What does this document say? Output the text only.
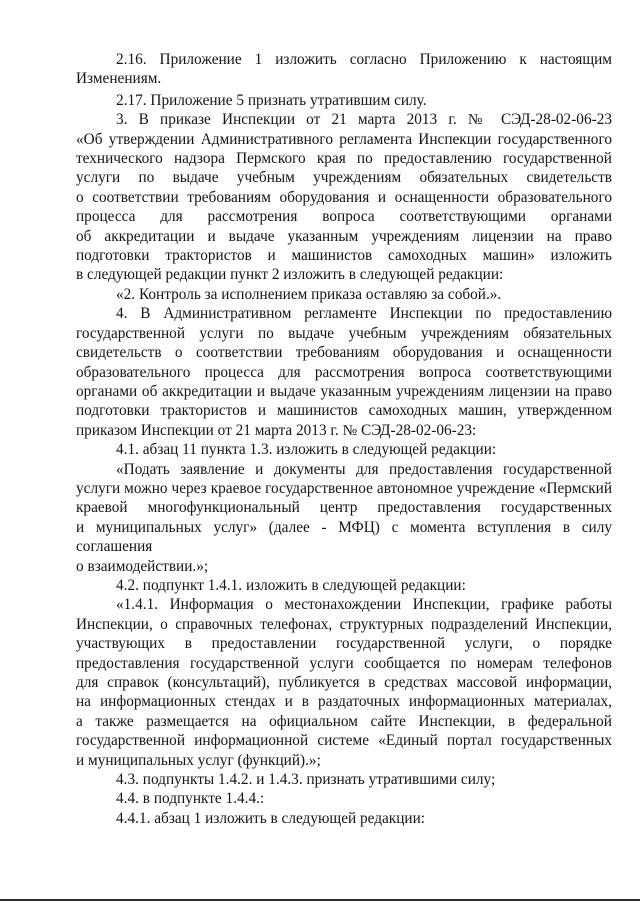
2.16. Приложение 1 изложить согласно Приложению к настоящим

Изменениям.

2.17. Приложение 5 признать утратившим силу.

3. В приказе Инспекции от 21 марта 2013 г. № СЭД-28-02-06-23

«Об утверждении Административного регламента Инспекции государственного

технического надзора Пермского края по предоставлению государственной

услуги по выдаче учебным учреждениям обязательных свидетельств

о соответствии требованиям оборудования и оснащенности образовательного

процесса для рассмотрения вопроса соответствующими органами

об аккредитации и выдаче указанным учреждениям лицензии на право

подготовки трактористов и машинистов самоходных машин» изложить

в следующей редакции пункт 2 изложить в следующей редакции:

«2. Контроль за исполнением приказа оставляю за собой.».

4. В Административном регламенте Инспекции по предоставлению

государственной услуги по выдаче учебным учреждениям обязательных

свидетельств о соответствии требованиям оборудования и оснащенности

образовательного процесса для рассмотрения вопроса соответствующими

органами об аккредитации и выдаче указанным учреждениям лицензии на право

подготовки трактористов и машинистов самоходных машин, утвержденном

приказом Инспекции от 21 марта 2013 г. № СЭД-28-02-06-23:

4.1. абзац 11 пункта 1.3. изложить в следующей редакции:

«Подать заявление и документы для предоставления государственной

услуги можно через краевое государственное автономное учреждение «Пермский

краевой многофункциональный центр предоставления государственных

и муниципальных услуг» (далее - МФЦ) с момента вступления в силу соглашения

о взаимодействии.»;

4.2. подпункт 1.4.1. изложить в следующей редакции:

«1.4.1. Информация о местонахождении Инспекции, графике работы

Инспекции, о справочных телефонах, структурных подразделений Инспекции,

участвующих в предоставлении государственной услуги, о порядке

предоставления государственной услуги сообщается по номерам телефонов

для справок (консультаций), публикуется в средствах массовой информации,

на информационных стендах и в раздаточных информационных материалах,

а также размещается на официальном сайте Инспекции, в федеральной

государственной информационной системе «Единый портал государственных

и муниципальных услуг (функций).»;

4.3. подпункты 1.4.2. и 1.4.3. признать утратившими силу;

4.4. в подпункте 1.4.4.:

4.4.1. абзац 1 изложить в следующей редакции:
